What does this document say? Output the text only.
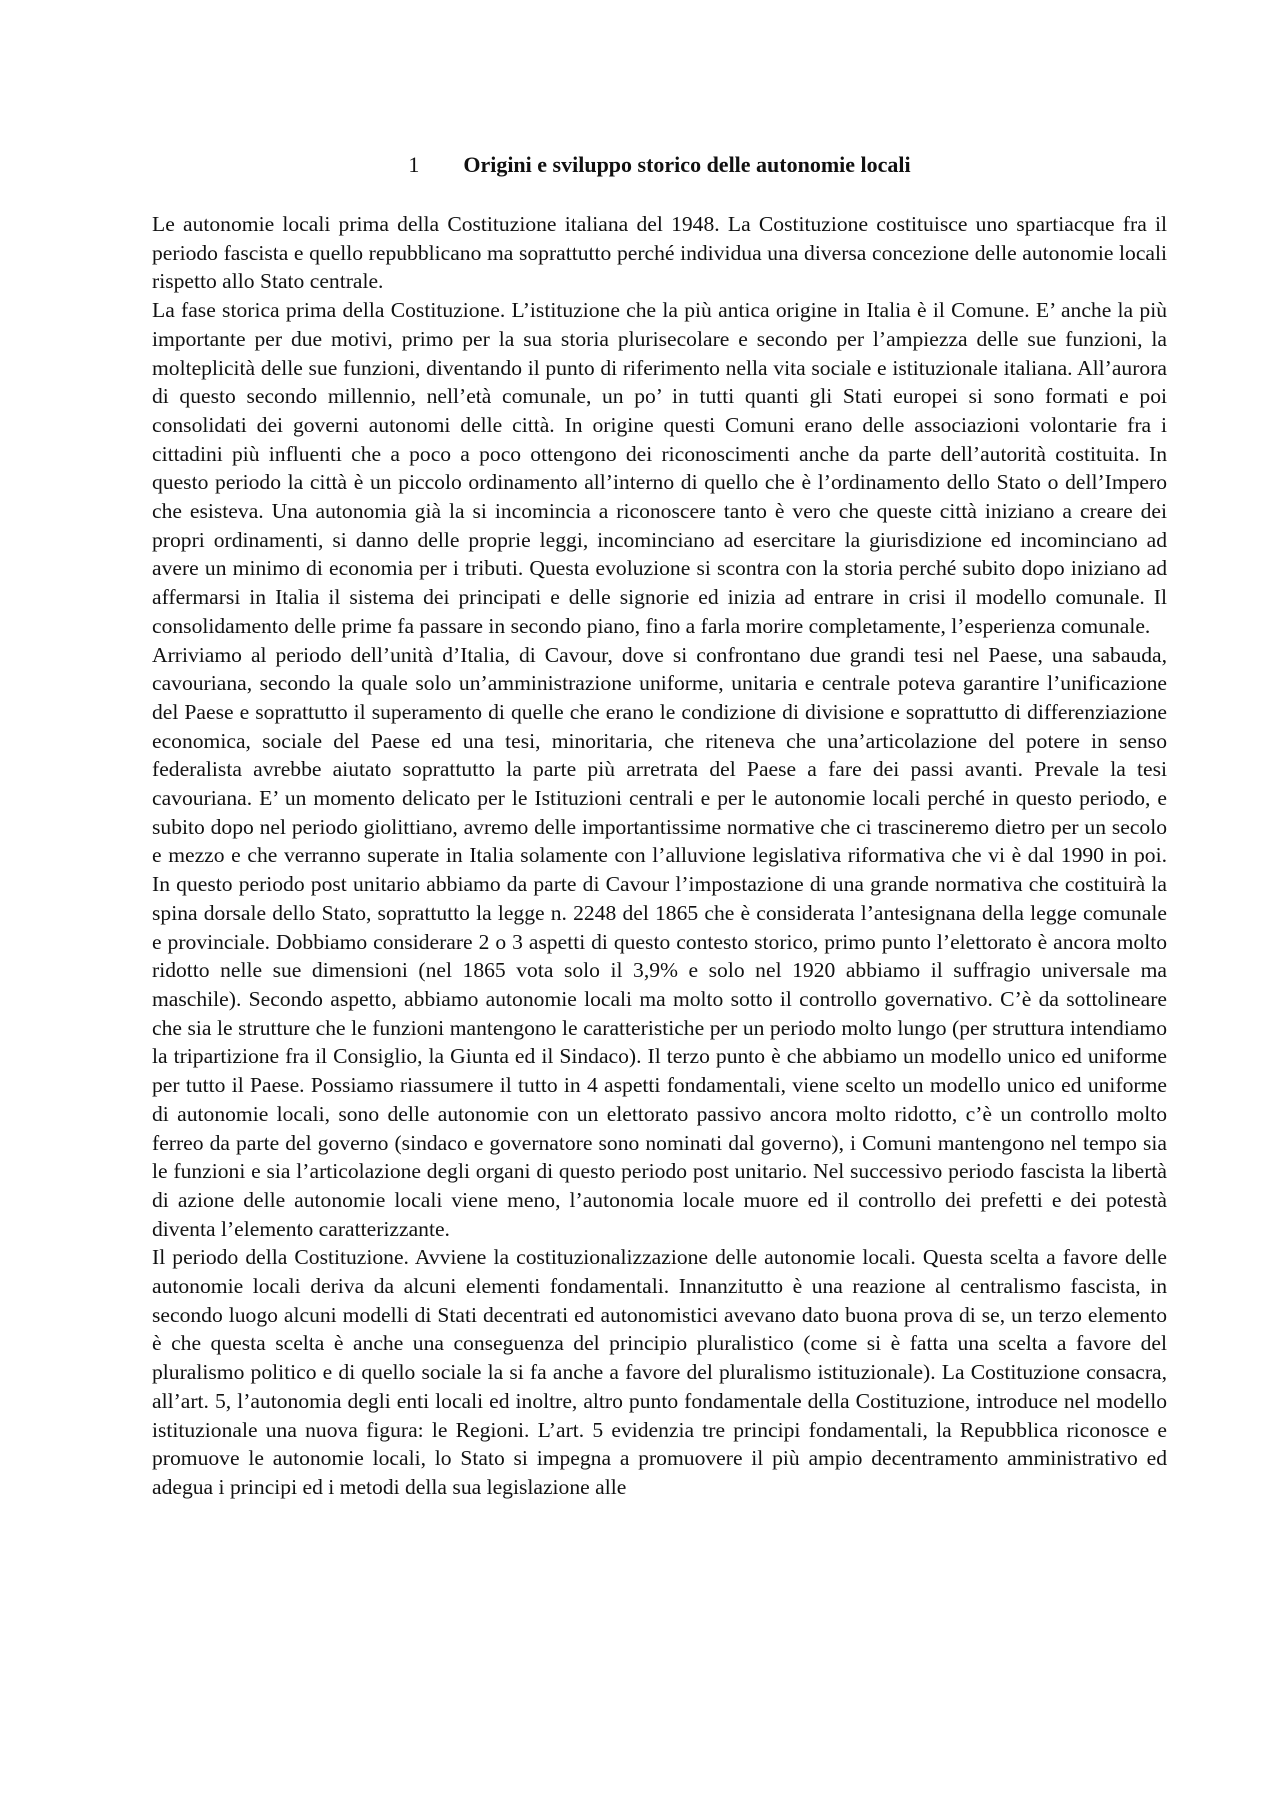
1 Origini e sviluppo storico delle autonomie locali

Le autonomie locali prima della Costituzione italiana del 1948. La Costituzione costituisce uno spartiacque fra il periodo fascista e quello repubblicano ma soprattutto perché individua una diversa concezione delle autonomie locali rispetto allo Stato centrale.

La fase storica prima della Costituzione. L’istituzione che la più antica origine in Italia è il Comune. E’ anche la più importante per due motivi, primo per la sua storia plurisecolare e secondo per l’ampiezza delle sue funzioni, la molteplicità delle sue funzioni, diventando il punto di riferimento nella vita sociale e istituzionale italiana. All’aurora di questo secondo millennio, nell’età comunale, un po’ in tutti quanti gli Stati europei si sono formati e poi consolidati dei governi autonomi delle città. In origine questi Comuni erano delle associazioni volontarie fra i cittadini più influenti che a poco a poco ottengono dei riconoscimenti anche da parte dell’autorità costituita. In questo periodo la città è un piccolo ordinamento all’interno di quello che è l’ordinamento dello Stato o dell’Impero che esisteva. Una autonomia già la si incomincia a riconoscere tanto è vero che queste città iniziano a creare dei propri ordinamenti, si danno delle proprie leggi, incominciano ad esercitare la giurisdizione ed incominciano ad avere un minimo di economia per i tributi. Questa evoluzione si scontra con la storia perché subito dopo iniziano ad affermarsi in Italia il sistema dei principati e delle signorie ed inizia ad entrare in crisi il modello comunale. Il consolidamento delle prime fa passare in secondo piano, fino a farla morire completamente, l’esperienza comunale.

Arriviamo al periodo dell’unità d’Italia, di Cavour, dove si confrontano due grandi tesi nel Paese, una sabauda, cavouriana, secondo la quale solo un’amministrazione uniforme, unitaria e centrale poteva garantire l’unificazione del Paese e soprattutto il superamento di quelle che erano le condizione di divisione e soprattutto di differenziazione economica, sociale del Paese ed una tesi, minoritaria, che riteneva che una’articolazione del potere in senso federalista avrebbe aiutato soprattutto la parte più arretrata del Paese a fare dei passi avanti. Prevale la tesi cavouriana. E’ un momento delicato per le Istituzioni centrali e per le autonomie locali perché in questo periodo, e subito dopo nel periodo giolittiano, avremo delle importantissime normative che ci trascineremo dietro per un secolo e mezzo e che verranno superate in Italia solamente con l’alluvione legislativa riformativa che vi è dal 1990 in poi. In questo periodo post unitario abbiamo da parte di Cavour l’impostazione di una grande normativa che costituirà la spina dorsale dello Stato, soprattutto la legge n. 2248 del 1865 che è considerata l’antesignana della legge comunale e provinciale. Dobbiamo considerare 2 o 3 aspetti di questo contesto storico, primo punto l’elettorato è ancora molto ridotto nelle sue dimensioni (nel 1865 vota solo il 3,9% e solo nel 1920 abbiamo il suffragio universale ma maschile). Secondo aspetto, abbiamo autonomie locali ma molto sotto il controllo governativo. C’è da sottolineare che sia le strutture che le funzioni mantengono le caratteristiche per un periodo molto lungo (per struttura intendiamo la tripartizione fra il Consiglio, la Giunta ed il Sindaco). Il terzo punto è che abbiamo un modello unico ed uniforme per tutto il Paese. Possiamo riassumere il tutto in 4 aspetti fondamentali, viene scelto un modello unico ed uniforme di autonomie locali, sono delle autonomie con un elettorato passivo ancora molto ridotto, c’è un controllo molto ferreo da parte del governo (sindaco e governatore sono nominati dal governo), i Comuni mantengono nel tempo sia le funzioni e sia l’articolazione degli organi di questo periodo post unitario. Nel successivo periodo fascista la libertà di azione delle autonomie locali viene meno, l’autonomia locale muore ed il controllo dei prefetti e dei potestà diventa l’elemento caratterizzante.

Il periodo della Costituzione. Avviene la costituzionalizzazione delle autonomie locali. Questa scelta a favore delle autonomie locali deriva da alcuni elementi fondamentali. Innanzitutto è una reazione al centralismo fascista, in secondo luogo alcuni modelli di Stati decentrati ed autonomistici avevano dato buona prova di se, un terzo elemento è che questa scelta è anche una conseguenza del principio pluralistico (come si è fatta una scelta a favore del pluralismo politico e di quello sociale la si fa anche a favore del pluralismo istituzionale). La Costituzione consacra, all’art. 5, l’autonomia degli enti locali ed inoltre, altro punto fondamentale della Costituzione, introduce nel modello istituzionale una nuova figura: le Regioni. L’art. 5 evidenzia tre principi fondamentali, la Repubblica riconosce e promuove le autonomie locali, lo Stato si impegna a promuovere il più ampio decentramento amministrativo ed adegua i principi ed i metodi della sua legislazione alle
